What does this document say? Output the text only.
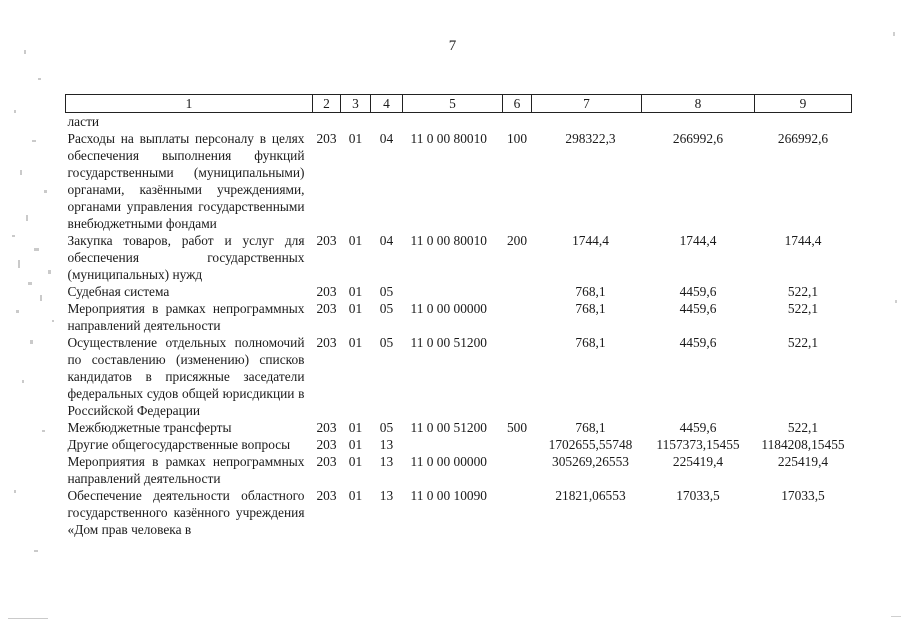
7
1	2	3	4	5	6	7	8	9
ласти								
Расходы на выплаты персоналу в целях обеспечения выполнения функций государственными (муниципальными) органами, казёнными учреждениями, органами управления государственными внебюджетными фондами	203	01	04	11 0 00 80010	100	298322,3	266992,6	266992,6
Закупка товаров, работ и услуг для обеспечения государственных (муниципальных) нужд	203	01	04	11 0 00 80010	200	1744,4	1744,4	1744,4
Судебная система	203	01	05			768,1	4459,6	522,1
Мероприятия в рамках непрограммных направлений деятельности	203	01	05	11 0 00 00000		768,1	4459,6	522,1
Осуществление отдельных полномочий по составлению (изменению) списков кандидатов в присяжные заседатели федеральных судов общей юрисдикции в Российской Федерации	203	01	05	11 0 00 51200		768,1	4459,6	522,1
Межбюджетные трансферты	203	01	05	11 0 00 51200	500	768,1	4459,6	522,1
Другие общегосударственные вопросы	203	01	13			1702655,55748	1157373,15455	1184208,15455
Мероприятия в рамках непрограммных направлений деятельности	203	01	13	11 0 00 00000		305269,26553	225419,4	225419,4
Обеспечение деятельности областного государственного казённого учреждения «Дом прав человека в	203	01	13	11 0 00 10090		21821,06553	17033,5	17033,5
